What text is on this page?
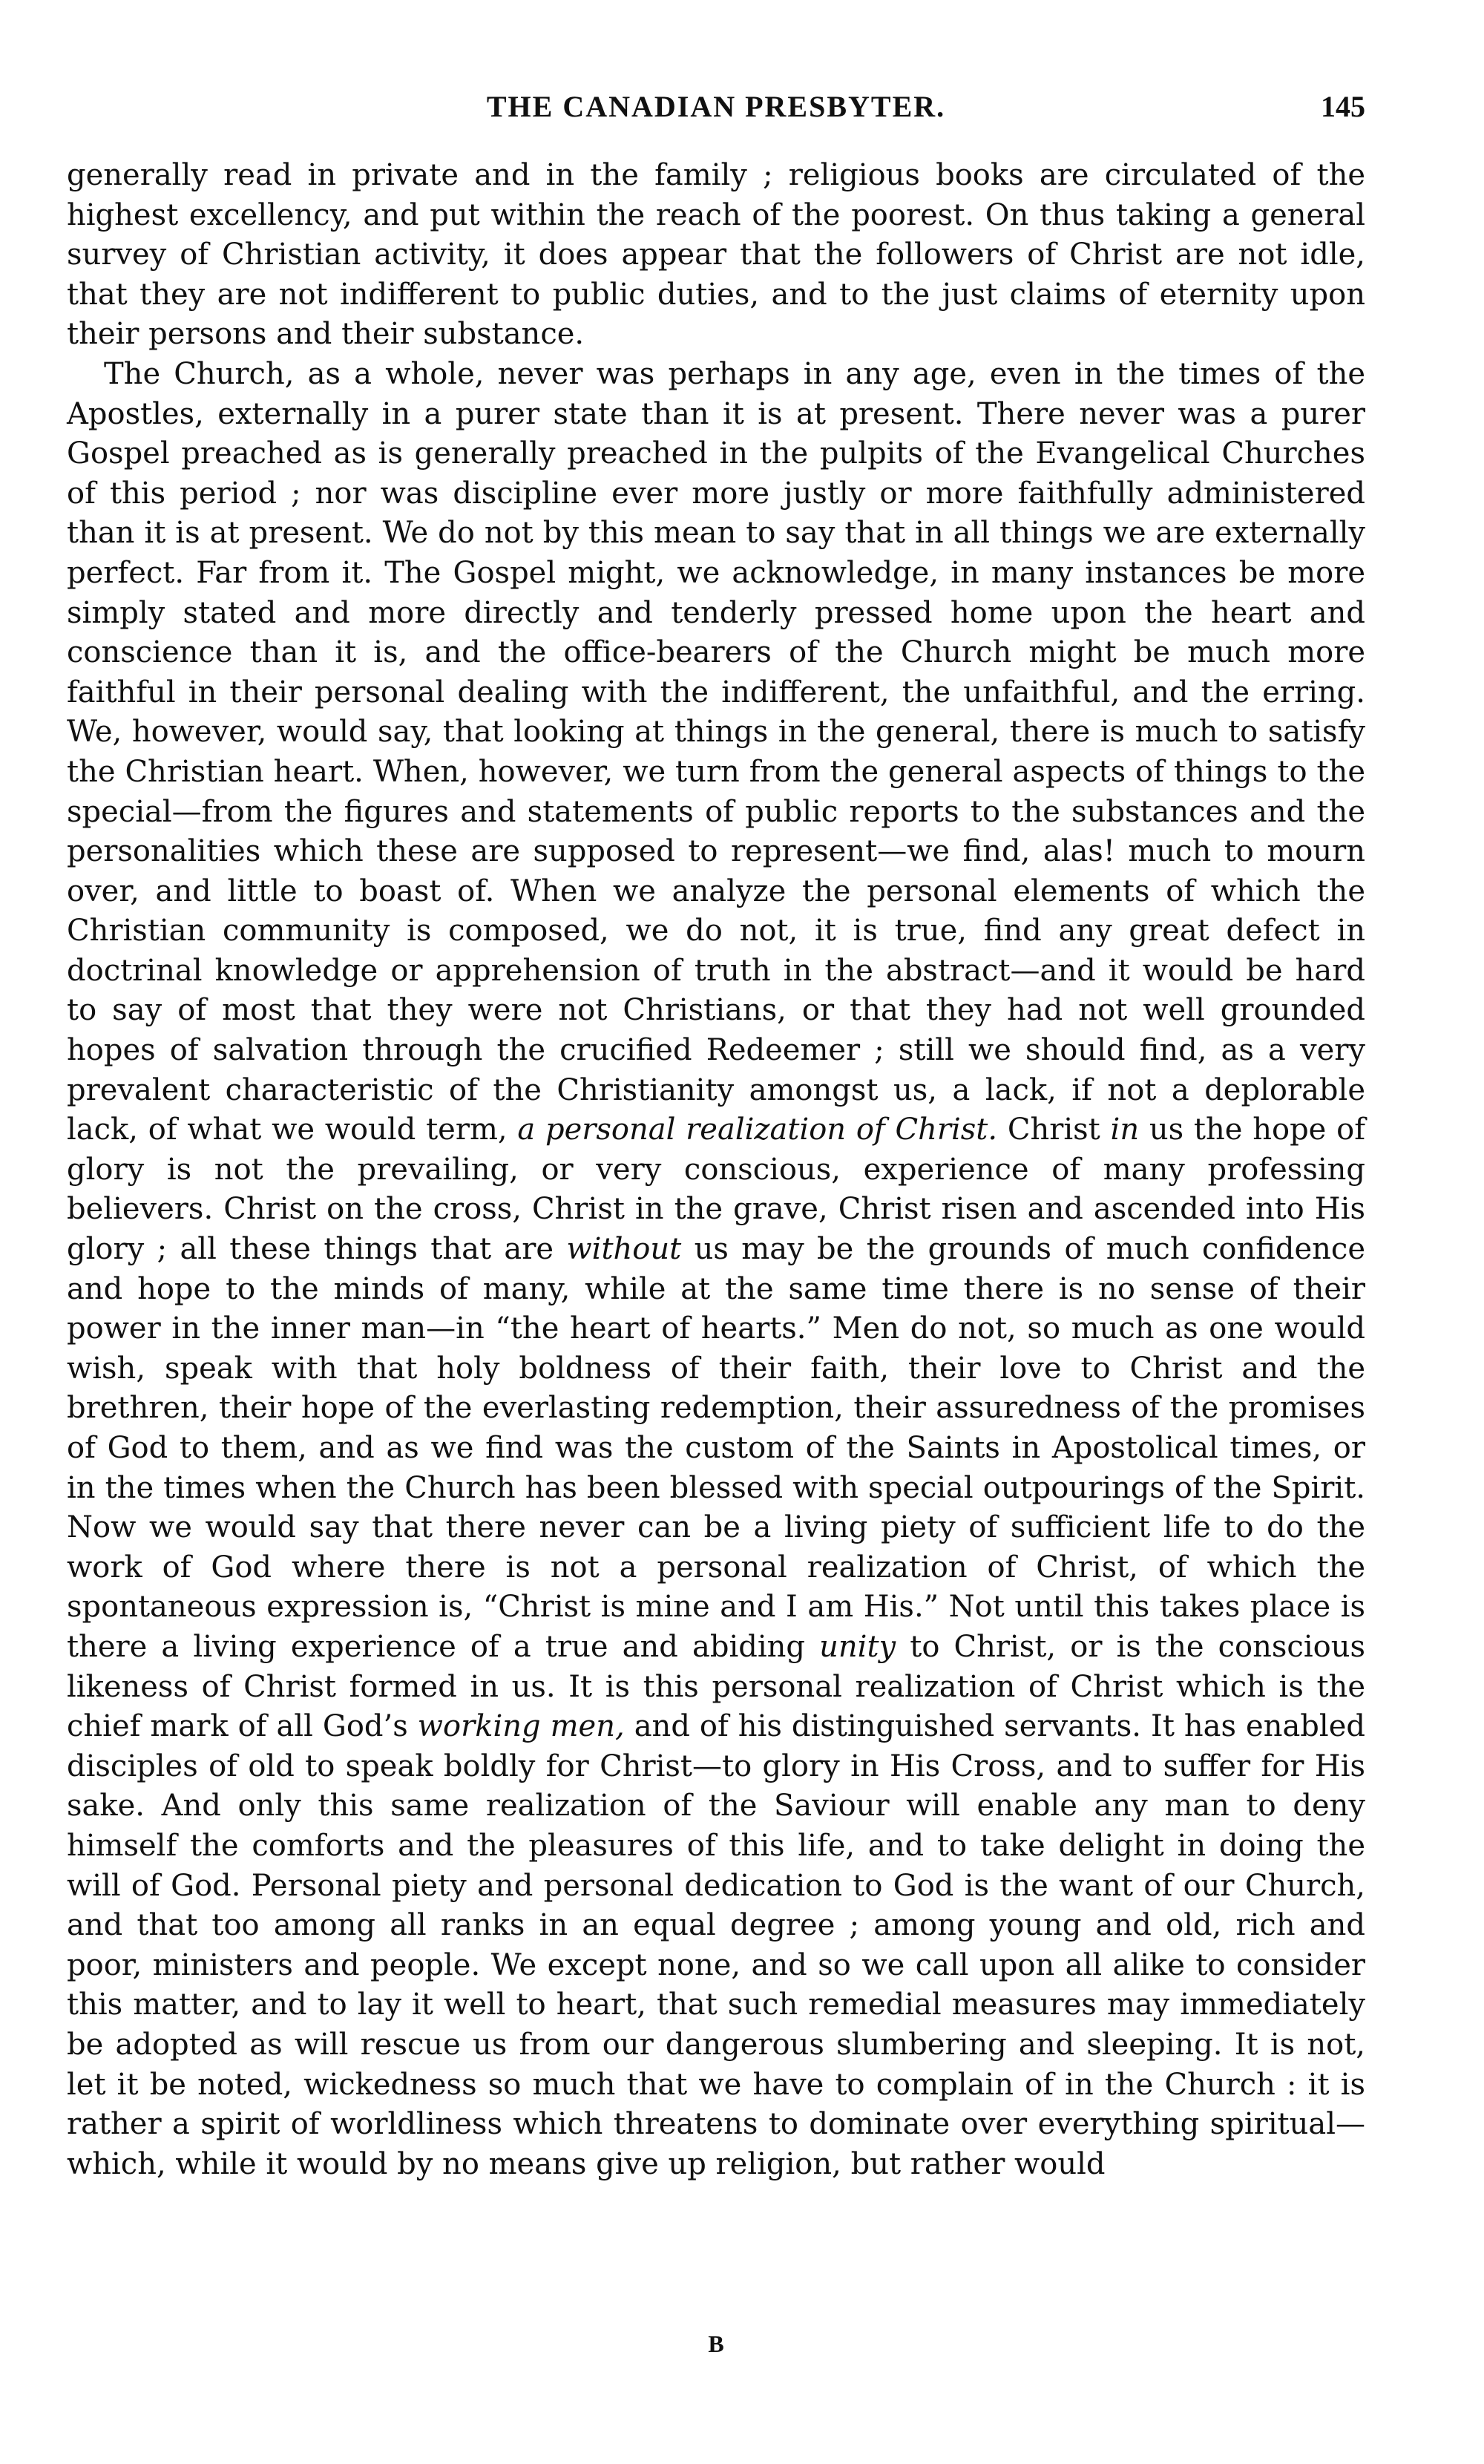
THE CANADIAN PRESBYTER.	145

generally read in private and in the family ; religious books are circulated of the highest excellency, and put within the reach of the poorest. On thus taking a general survey of Christian activity, it does appear that the followers of Christ are not idle, that they are not indifferent to public duties, and to the just claims of eternity upon their persons and their substance.

The Church, as a whole, never was perhaps in any age, even in the times of the Apostles, externally in a purer state than it is at present. There never was a purer Gospel preached as is generally preached in the pulpits of the Evangelical Churches of this period ; nor was discipline ever more justly or more faithfully administered than it is at present. We do not by this mean to say that in all things we are externally perfect. Far from it. The Gospel might, we acknowledge, in many instances be more simply stated and more directly and tenderly pressed home upon the heart and conscience than it is, and the office-bearers of the Church might be much more faithful in their personal dealing with the indifferent, the unfaithful, and the erring. We, however, would say, that looking at things in the general, there is much to satisfy the Christian heart. When, however, we turn from the general aspects of things to the special—from the figures and statements of public reports to the substances and the personalities which these are supposed to represent—we find, alas! much to mourn over, and little to boast of. When we analyze the personal elements of which the Christian community is composed, we do not, it is true, find any great defect in doctrinal knowledge or apprehension of truth in the abstract—and it would be hard to say of most that they were not Christians, or that they had not well grounded hopes of salvation through the crucified Redeemer ; still we should find, as a very prevalent characteristic of the Christianity amongst us, a lack, if not a deplorable lack, of what we would term, a personal realization of Christ. Christ in us the hope of glory is not the prevailing, or very conscious, experience of many professing believers. Christ on the cross, Christ in the grave, Christ risen and ascended into His glory ; all these things that are without us may be the grounds of much confidence and hope to the minds of many, while at the same time there is no sense of their power in the inner man—in “the heart of hearts.” Men do not, so much as one would wish, speak with that holy boldness of their faith, their love to Christ and the brethren, their hope of the everlasting redemption, their assuredness of the promises of God to them, and as we find was the custom of the Saints in Apostolical times, or in the times when the Church has been blessed with special outpourings of the Spirit. Now we would say that there never can be a living piety of sufficient life to do the work of God where there is not a personal realization of Christ, of which the spontaneous expression is, “Christ is mine and I am His.” Not until this takes place is there a living experience of a true and abiding unity to Christ, or is the conscious likeness of Christ formed in us. It is this personal realization of Christ which is the chief mark of all God’s working men, and of his distinguished servants. It has enabled disciples of old to speak boldly for Christ—to glory in His Cross, and to suffer for His sake. And only this same realization of the Saviour will enable any man to deny himself the comforts and the pleasures of this life, and to take delight in doing the will of God. Personal piety and personal dedication to God is the want of our Church, and that too among all ranks in an equal degree ; among young and old, rich and poor, ministers and people. We except none, and so we call upon all alike to consider this matter, and to lay it well to heart, that such remedial measures may immediately be adopted as will rescue us from our dangerous slumbering and sleeping. It is not, let it be noted, wickedness so much that we have to complain of in the Church : it is rather a spirit of worldliness which threatens to dominate over everything spiritual—which, while it would by no means give up religion, but rather would

B
